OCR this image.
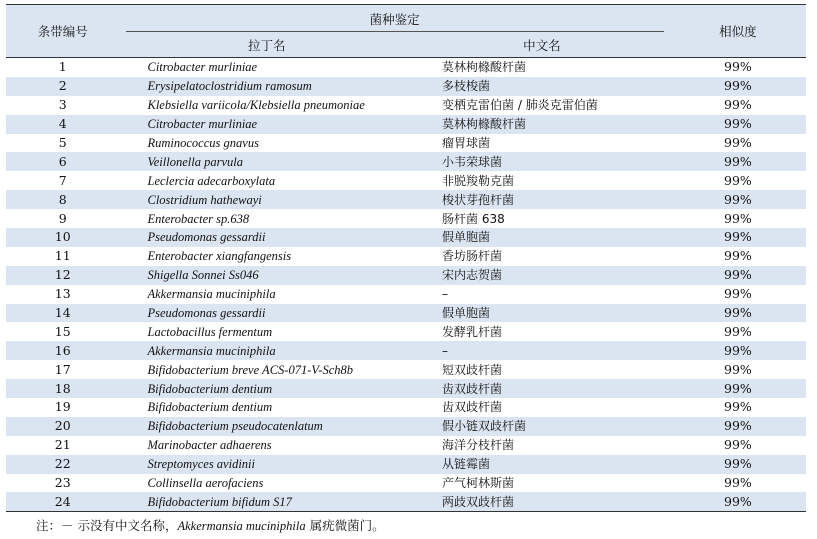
条带编号	菌种鉴定		相似度
	拉丁名	中文名	
1	Citrobacter murliniae	莫林枸橼酸杆菌	99%
2	Erysipelatoclostridium ramosum	多枝梭菌	99%
3	Klebsiella variicola/Klebsiella pneumoniae	变栖克雷伯菌 / 肺炎克雷伯菌	99%
4	Citrobacter murliniae	莫林枸橼酸杆菌	99%
5	Ruminococcus gnavus	瘤胃球菌	99%
6	Veillonella parvula	小韦荣球菌	99%
7	Leclercia adecarboxylata	非脱羧勒克菌	99%
8	Clostridium hathewayi	梭状芽孢杆菌	99%
9	Enterobacter sp.638	肠杆菌 638	99%
10	Pseudomonas gessardii	假单胞菌	99%
11	Enterobacter xiangfangensis	香坊肠杆菌	99%
12	Shigella Sonnei Ss046	宋内志贺菌	99%
13	Akkermansia muciniphila	–	99%
14	Pseudomonas gessardii	假单胞菌	99%
15	Lactobacillus fermentum	发酵乳杆菌	99%
16	Akkermansia muciniphila	–	99%
17	Bifidobacterium breve ACS-071-V-Sch8b	短双歧杆菌	99%
18	Bifidobacterium dentium	齿双歧杆菌	99%
19	Bifidobacterium dentium	齿双歧杆菌	99%
20	Bifidobacterium pseudocatenlatum	假小链双歧杆菌	99%
21	Marinobacter adhaerens	海洋分枝杆菌	99%
22	Streptomyces avidinii	从链霉菌	99%
23	Collinsella aerofaciens	产气柯林斯菌	99%
24	Bifidobacterium bifidum S17	两歧双歧杆菌	99%
注：－ 示没有中文名称，Akkermansia muciniphila 属疣微菌门。
